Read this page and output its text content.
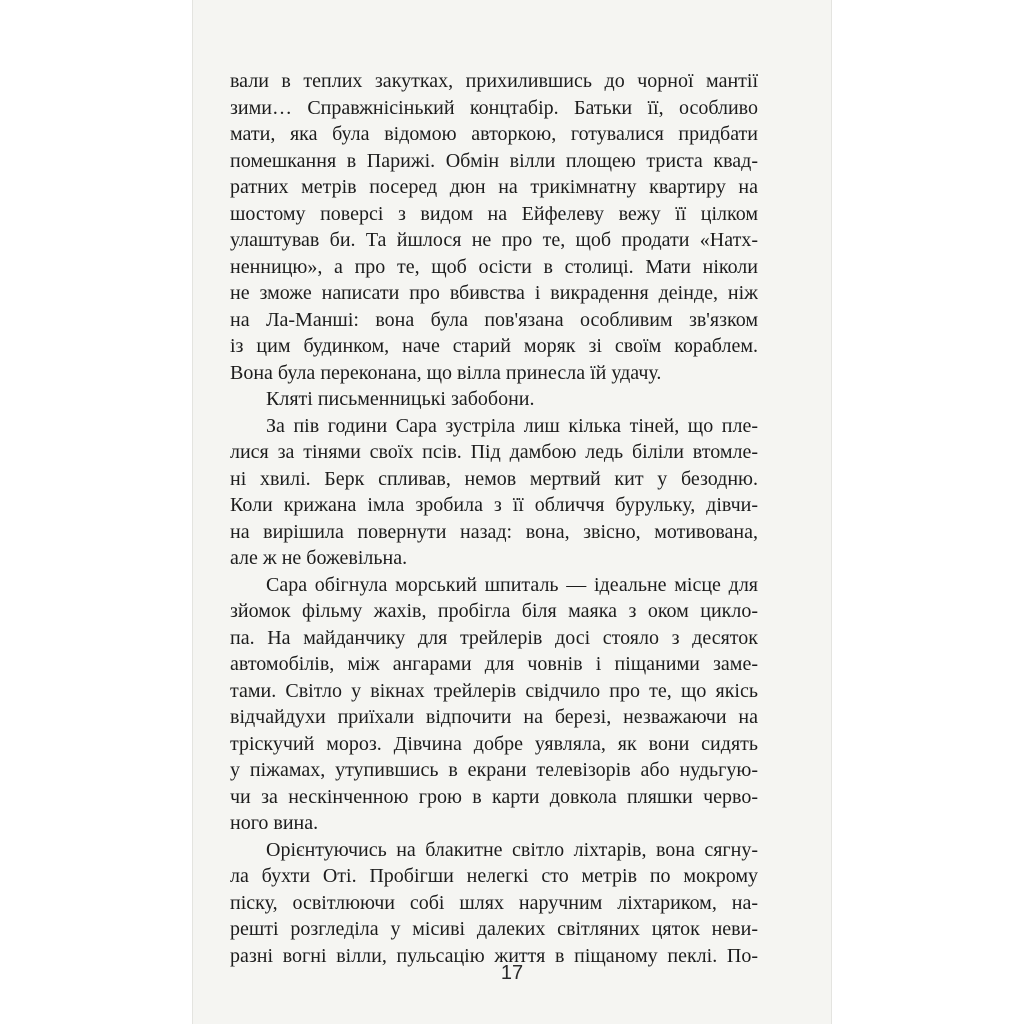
вали в теплих закутках, прихилившись до чорної мантії
зими… Справжнісінький концтабір. Батьки її, особливо
мати, яка була відомою авторкою, готувалися придбати
помешкання в Парижі. Обмін вілли площею триста квад-
ратних метрів посеред дюн на трикімнатну квартиру на
шостому поверсі з видом на Ейфелеву вежу її цілком
улаштував би. Та йшлося не про те, щоб продати «Натх-
ненницю», а про те, щоб осісти в столиці. Мати ніколи
не зможе написати про вбивства і викрадення деінде, ніж
на Ла-Манші: вона була пов'язана особливим зв'язком
із цим будинком, наче старий моряк зі своїм кораблем.
Вона була переконана, що вілла принесла їй удачу.
Кляті письменницькі забобони.
За пів години Сара зустріла лиш кілька тіней, що пле-
лися за тінями своїх псів. Під дамбою ледь біліли втомле-
ні хвилі. Берк спливав, немов мертвий кит у безодню.
Коли крижана імла зробила з її обличчя бурульку, дівчи-
на вирішила повернути назад: вона, звісно, мотивована,
але ж не божевільна.
Сара обігнула морський шпиталь — ідеальне місце для
зйомок фільму жахів, пробігла біля маяка з оком цикло-
па. На майданчику для трейлерів досі стояло з десяток
автомобілів, між ангарами для човнів і піщаними заме-
тами. Світло у вікнах трейлерів свідчило про те, що якісь
відчайдухи приїхали відпочити на березі, незважаючи на
тріскучий мороз. Дівчина добре уявляла, як вони сидять
у піжамах, утупившись в екрани телевізорів або нудьгую-
чи за нескінченною грою в карти довкола пляшки черво-
ного вина.
Орієнтуючись на блакитне світло ліхтарів, вона сягну-
ла бухти Оті. Пробігши нелегкі сто метрів по мокрому
піску, освітлюючи собі шлях наручним ліхтариком, на-
решті розгледіла у місиві далеких світляних цяток неви-
разні вогні вілли, пульсацію життя в піщаному пеклі. По-
17
